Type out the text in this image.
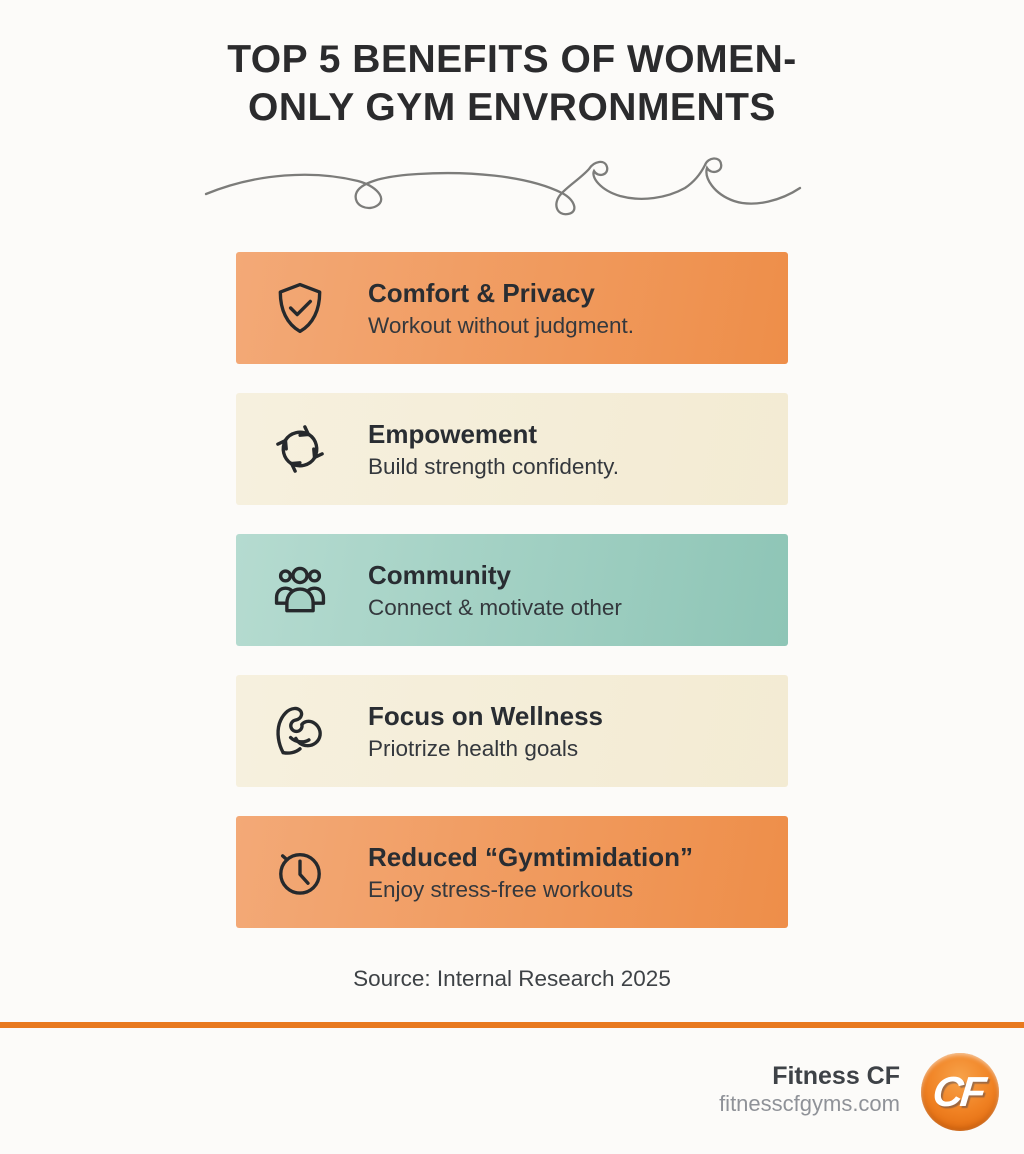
TOP 5 BENEFITS OF WOMEN-
ONLY GYM ENVRONMENTS
Comfort & Privacy
Workout without judgment.
Empowement
Build strength confidenty.
Community
Connect & motivate other
Focus on Wellness
Priotrize health goals
Reduced “Gymtimidation”
Enjoy stress-free workouts
Source: Internal Research 2025
Fitness CF
fitnesscfgyms.com CF
